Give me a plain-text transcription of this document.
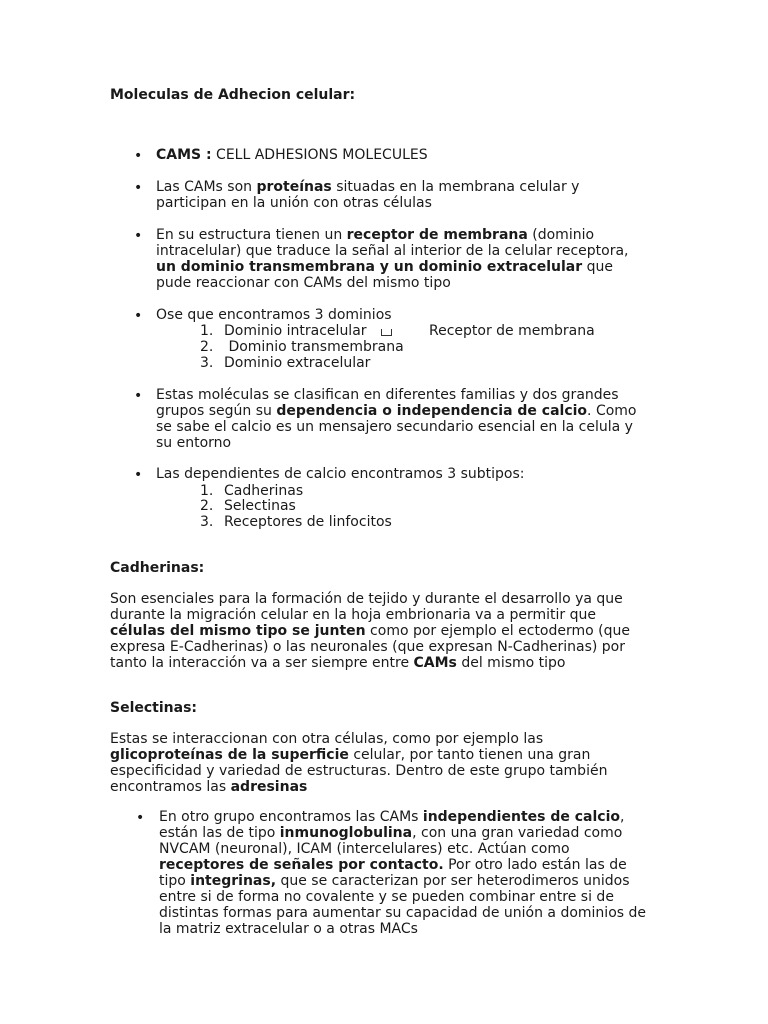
Moleculas de Adhecion celular:
• CAMS : CELL ADHESIONS MOLECULES
• Las CAMs son proteínas situadas en la membrana celular y
participan en la unión con otras células
• En su estructura tienen un receptor de membrana (dominio
intracelular) que traduce la señal al interior de la celular receptora,
un dominio transmembrana y un dominio extracelular que
pude reaccionar con CAMs del mismo tipo
• Ose que encontramos 3 dominios
1. Dominio intracelular	Receptor de membrana
2. Dominio transmembrana
3. Dominio extracelular
• Estas moléculas se clasifican en diferentes familias y dos grandes
grupos según su dependencia o independencia de calcio. Como
se sabe el calcio es un mensajero secundario esencial en la celula y
su entorno
• Las dependientes de calcio encontramos 3 subtipos:
1. Cadherinas
2. Selectinas
3. Receptores de linfocitos
Cadherinas:
Son esenciales para la formación de tejido y durante el desarrollo ya que
durante la migración celular en la hoja embrionaria va a permitir que
células del mismo tipo se junten como por ejemplo el ectodermo (que
expresa E-Cadherinas) o las neuronales (que expresan N-Cadherinas) por
tanto la interacción va a ser siempre entre CAMs del mismo tipo
Selectinas:
Estas se interaccionan con otra células, como por ejemplo las
glicoproteínas de la superficie celular, por tanto tienen una gran
especificidad y variedad de estructuras. Dentro de este grupo también
encontramos las adresinas
• En otro grupo encontramos las CAMs independientes de calcio,
están las de tipo inmunoglobulina, con una gran variedad como
NVCAM (neuronal), ICAM (intercelulares) etc. Actúan como
receptores de señales por contacto. Por otro lado están las de
tipo integrinas, que se caracterizan por ser heterodimeros unidos
entre si de forma no covalente y se pueden combinar entre si de
distintas formas para aumentar su capacidad de unión a dominios de
la matriz extracelular o a otras MACs
